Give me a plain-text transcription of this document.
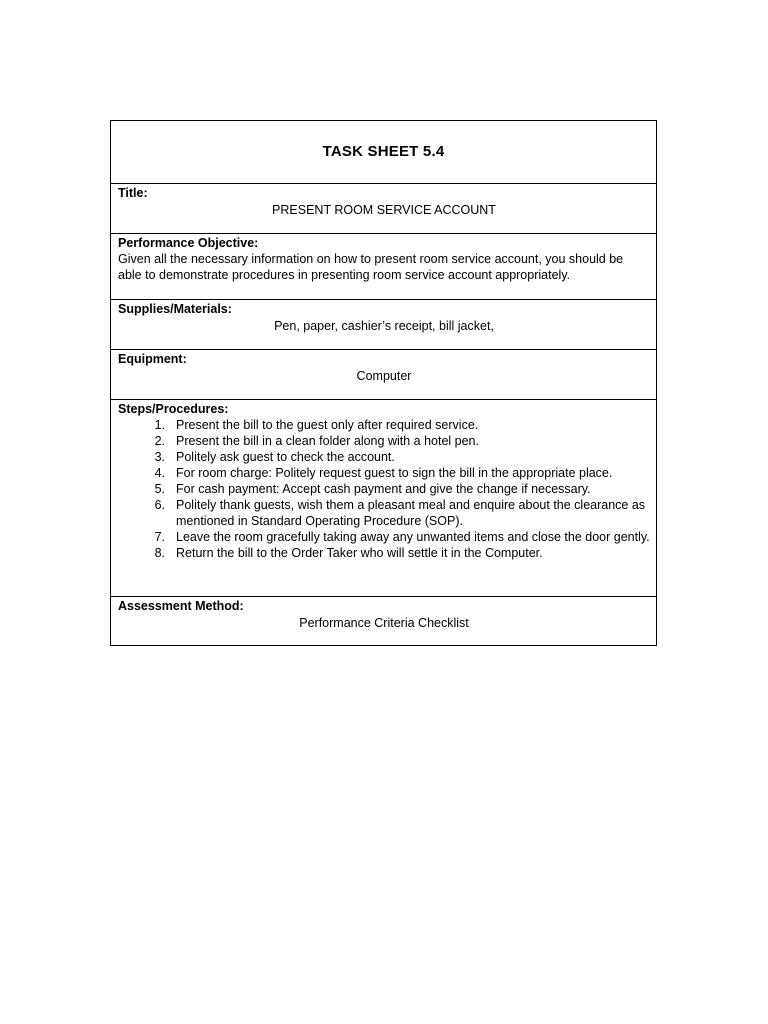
TASK SHEET 5.4
Title:
PRESENT ROOM SERVICE ACCOUNT
Performance Objective:
Given all the necessary information on how to present room service account, you should be able to demonstrate procedures in presenting room service account appropriately.
Supplies/Materials:
Pen, paper, cashier’s receipt, bill jacket,
Equipment:
Computer
Steps/Procedures:
1. Present the bill to the guest only after required service.
2. Present the bill in a clean folder along with a hotel pen.
3. Politely ask guest to check the account.
4. For room charge: Politely request guest to sign the bill in the appropriate place.
5. For cash payment: Accept cash payment and give the change if necessary.
6. Politely thank guests, wish them a pleasant meal and enquire about the clearance as mentioned in Standard Operating Procedure (SOP).
7. Leave the room gracefully taking away any unwanted items and close the door gently.
8. Return the bill to the Order Taker who will settle it in the Computer.
Assessment Method:
Performance Criteria Checklist
